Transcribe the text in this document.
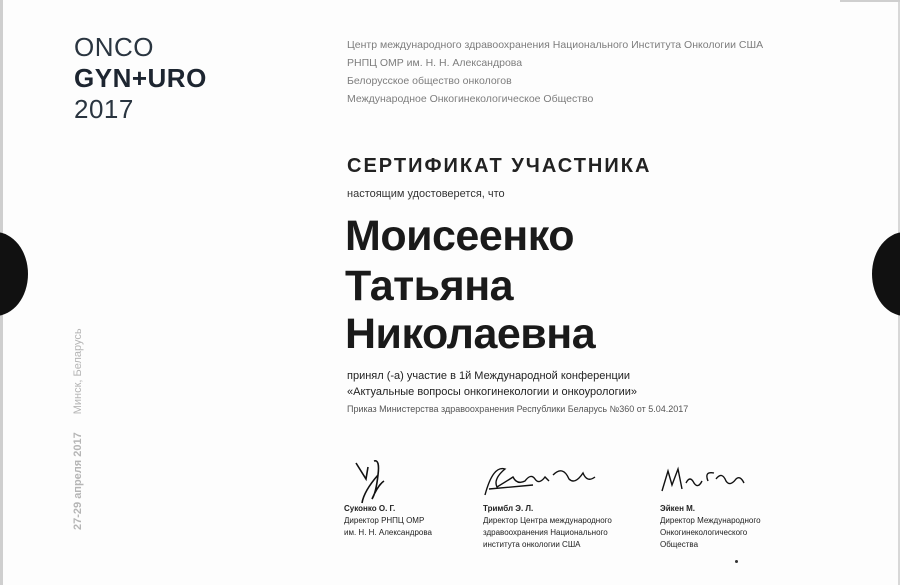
ONCO
GYN+URO
2017
Центр международного здравоохранения Национального Института Онкологии США
РНПЦ ОМР им. Н. Н. Александрова
Белорусское общество онкологов
Международное Онкогинекологическое Общество
27-29 апреля 2017Минск, Беларусь
СЕРТИФИКАТ УЧАСТНИКА
настоящим удостоверется, что
Моисеенко
Татьяна
Николаевна
принял (-а) участие в 1й Международной конференции
«Актуальные вопросы онкогинекологии и онкоурологии»
Приказ Министерства здравоохранения Республики Беларусь №360 от 5.04.2017
Суконко О. Г.
Директор РНПЦ ОМР
им. Н. Н. Александрова
Тримбл Э. Л.
Директор Центра международного
здравоохранения Национального
института онкологии США
Эйкен М.
Директор Международного
Онкогинекологического
Общества
